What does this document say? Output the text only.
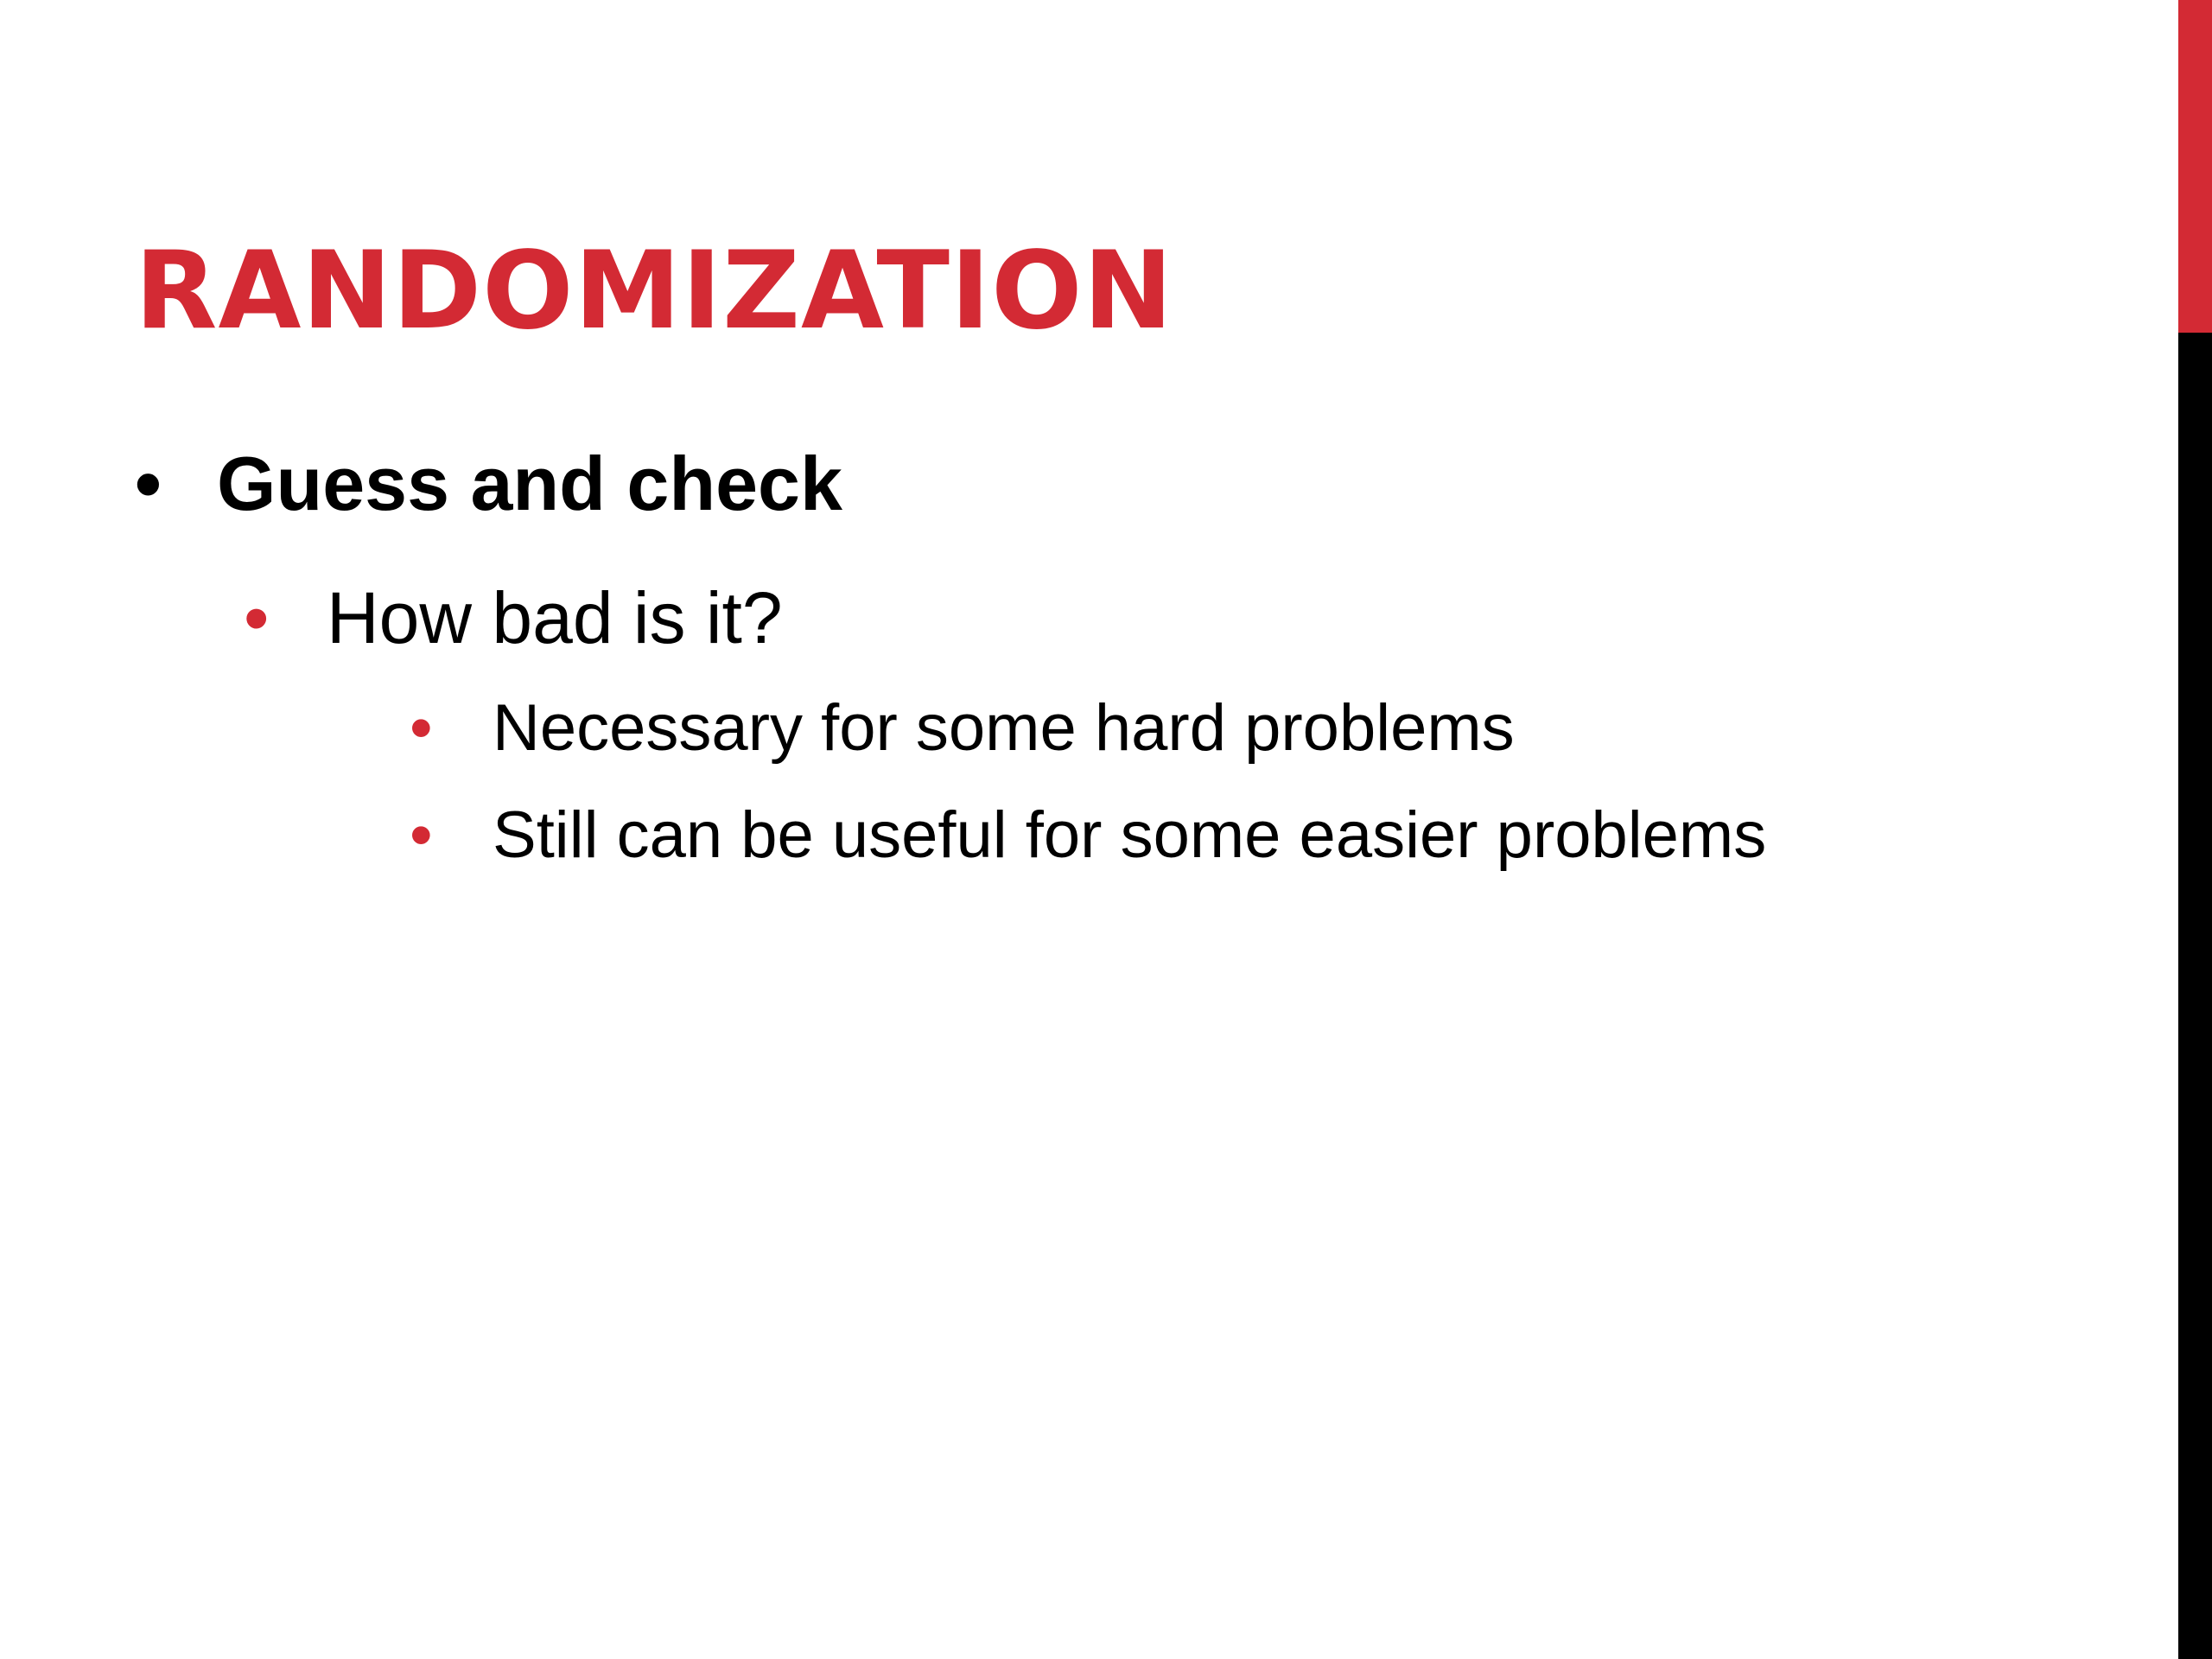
RANDOMIZATION
• Guess and check
• How bad is it?
• Necessary for some hard problems
• Still can be useful for some easier problems
